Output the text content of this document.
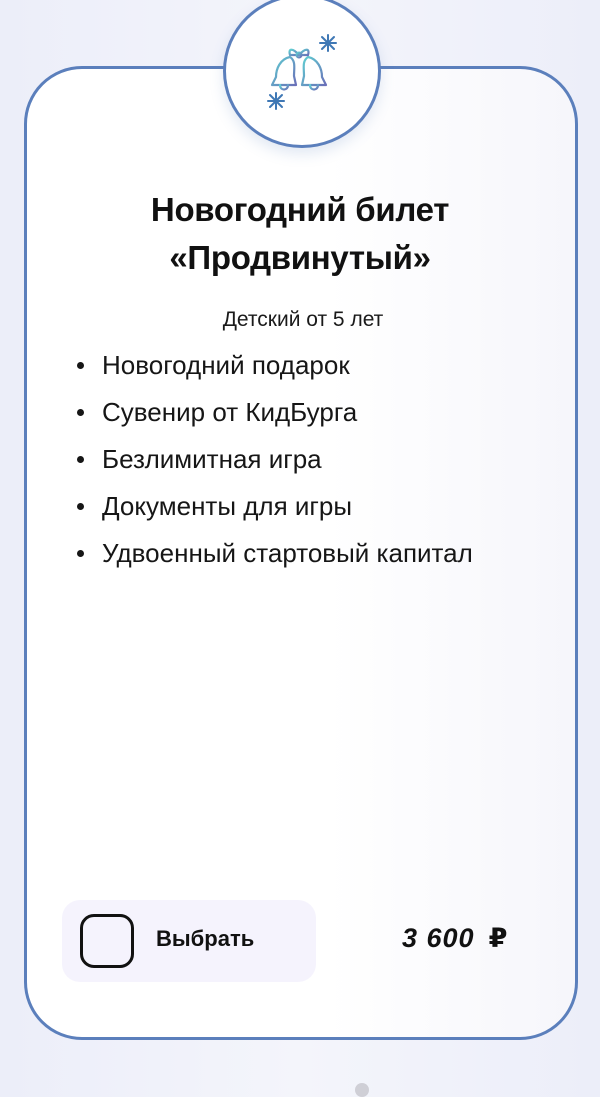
Новогодний билет
«Продвинутый»
Детский от 5 лет
Новогодний подарок
Сувенир от КидБурга
Безлимитная игра
Документы для игры
Удвоенный стартовый капитал
Выбрать	3 600 ₽
